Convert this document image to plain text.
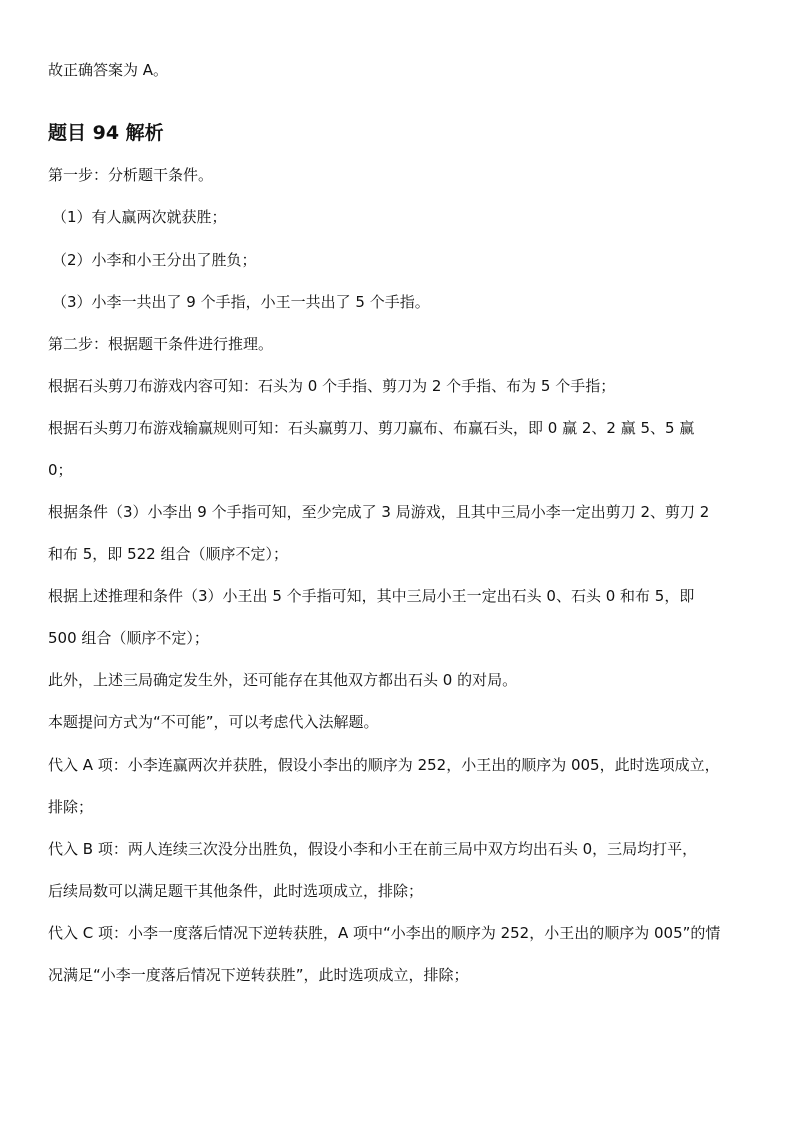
故正确答案为 A。
题目 94 解析
第一步：分析题干条件。
（1）有人赢两次就获胜；
（2）小李和小王分出了胜负；
（3）小李一共出了 9 个手指，小王一共出了 5 个手指。
第二步：根据题干条件进行推理。
根据石头剪刀布游戏内容可知：石头为 0 个手指、剪刀为 2 个手指、布为 5 个手指；
根据石头剪刀布游戏输赢规则可知：石头赢剪刀、剪刀赢布、布赢石头，即 0 赢 2、2 赢 5、5 赢
0；
根据条件（3）小李出 9 个手指可知，至少完成了 3 局游戏，且其中三局小李一定出剪刀 2、剪刀 2
和布 5，即 522 组合（顺序不定）；
根据上述推理和条件（3）小王出 5 个手指可知，其中三局小王一定出石头 0、石头 0 和布 5，即
500 组合（顺序不定）；
此外，上述三局确定发生外，还可能存在其他双方都出石头 0 的对局。
本题提问方式为“不可能”，可以考虑代入法解题。
代入 A 项：小李连赢两次并获胜，假设小李出的顺序为 252，小王出的顺序为 005，此时选项成立，
排除；
代入 B 项：两人连续三次没分出胜负，假设小李和小王在前三局中双方均出石头 0，三局均打平，
后续局数可以满足题干其他条件，此时选项成立，排除；
代入 C 项：小李一度落后情况下逆转获胜，A 项中“小李出的顺序为 252，小王出的顺序为 005”的情
况满足“小李一度落后情况下逆转获胜”，此时选项成立，排除；
